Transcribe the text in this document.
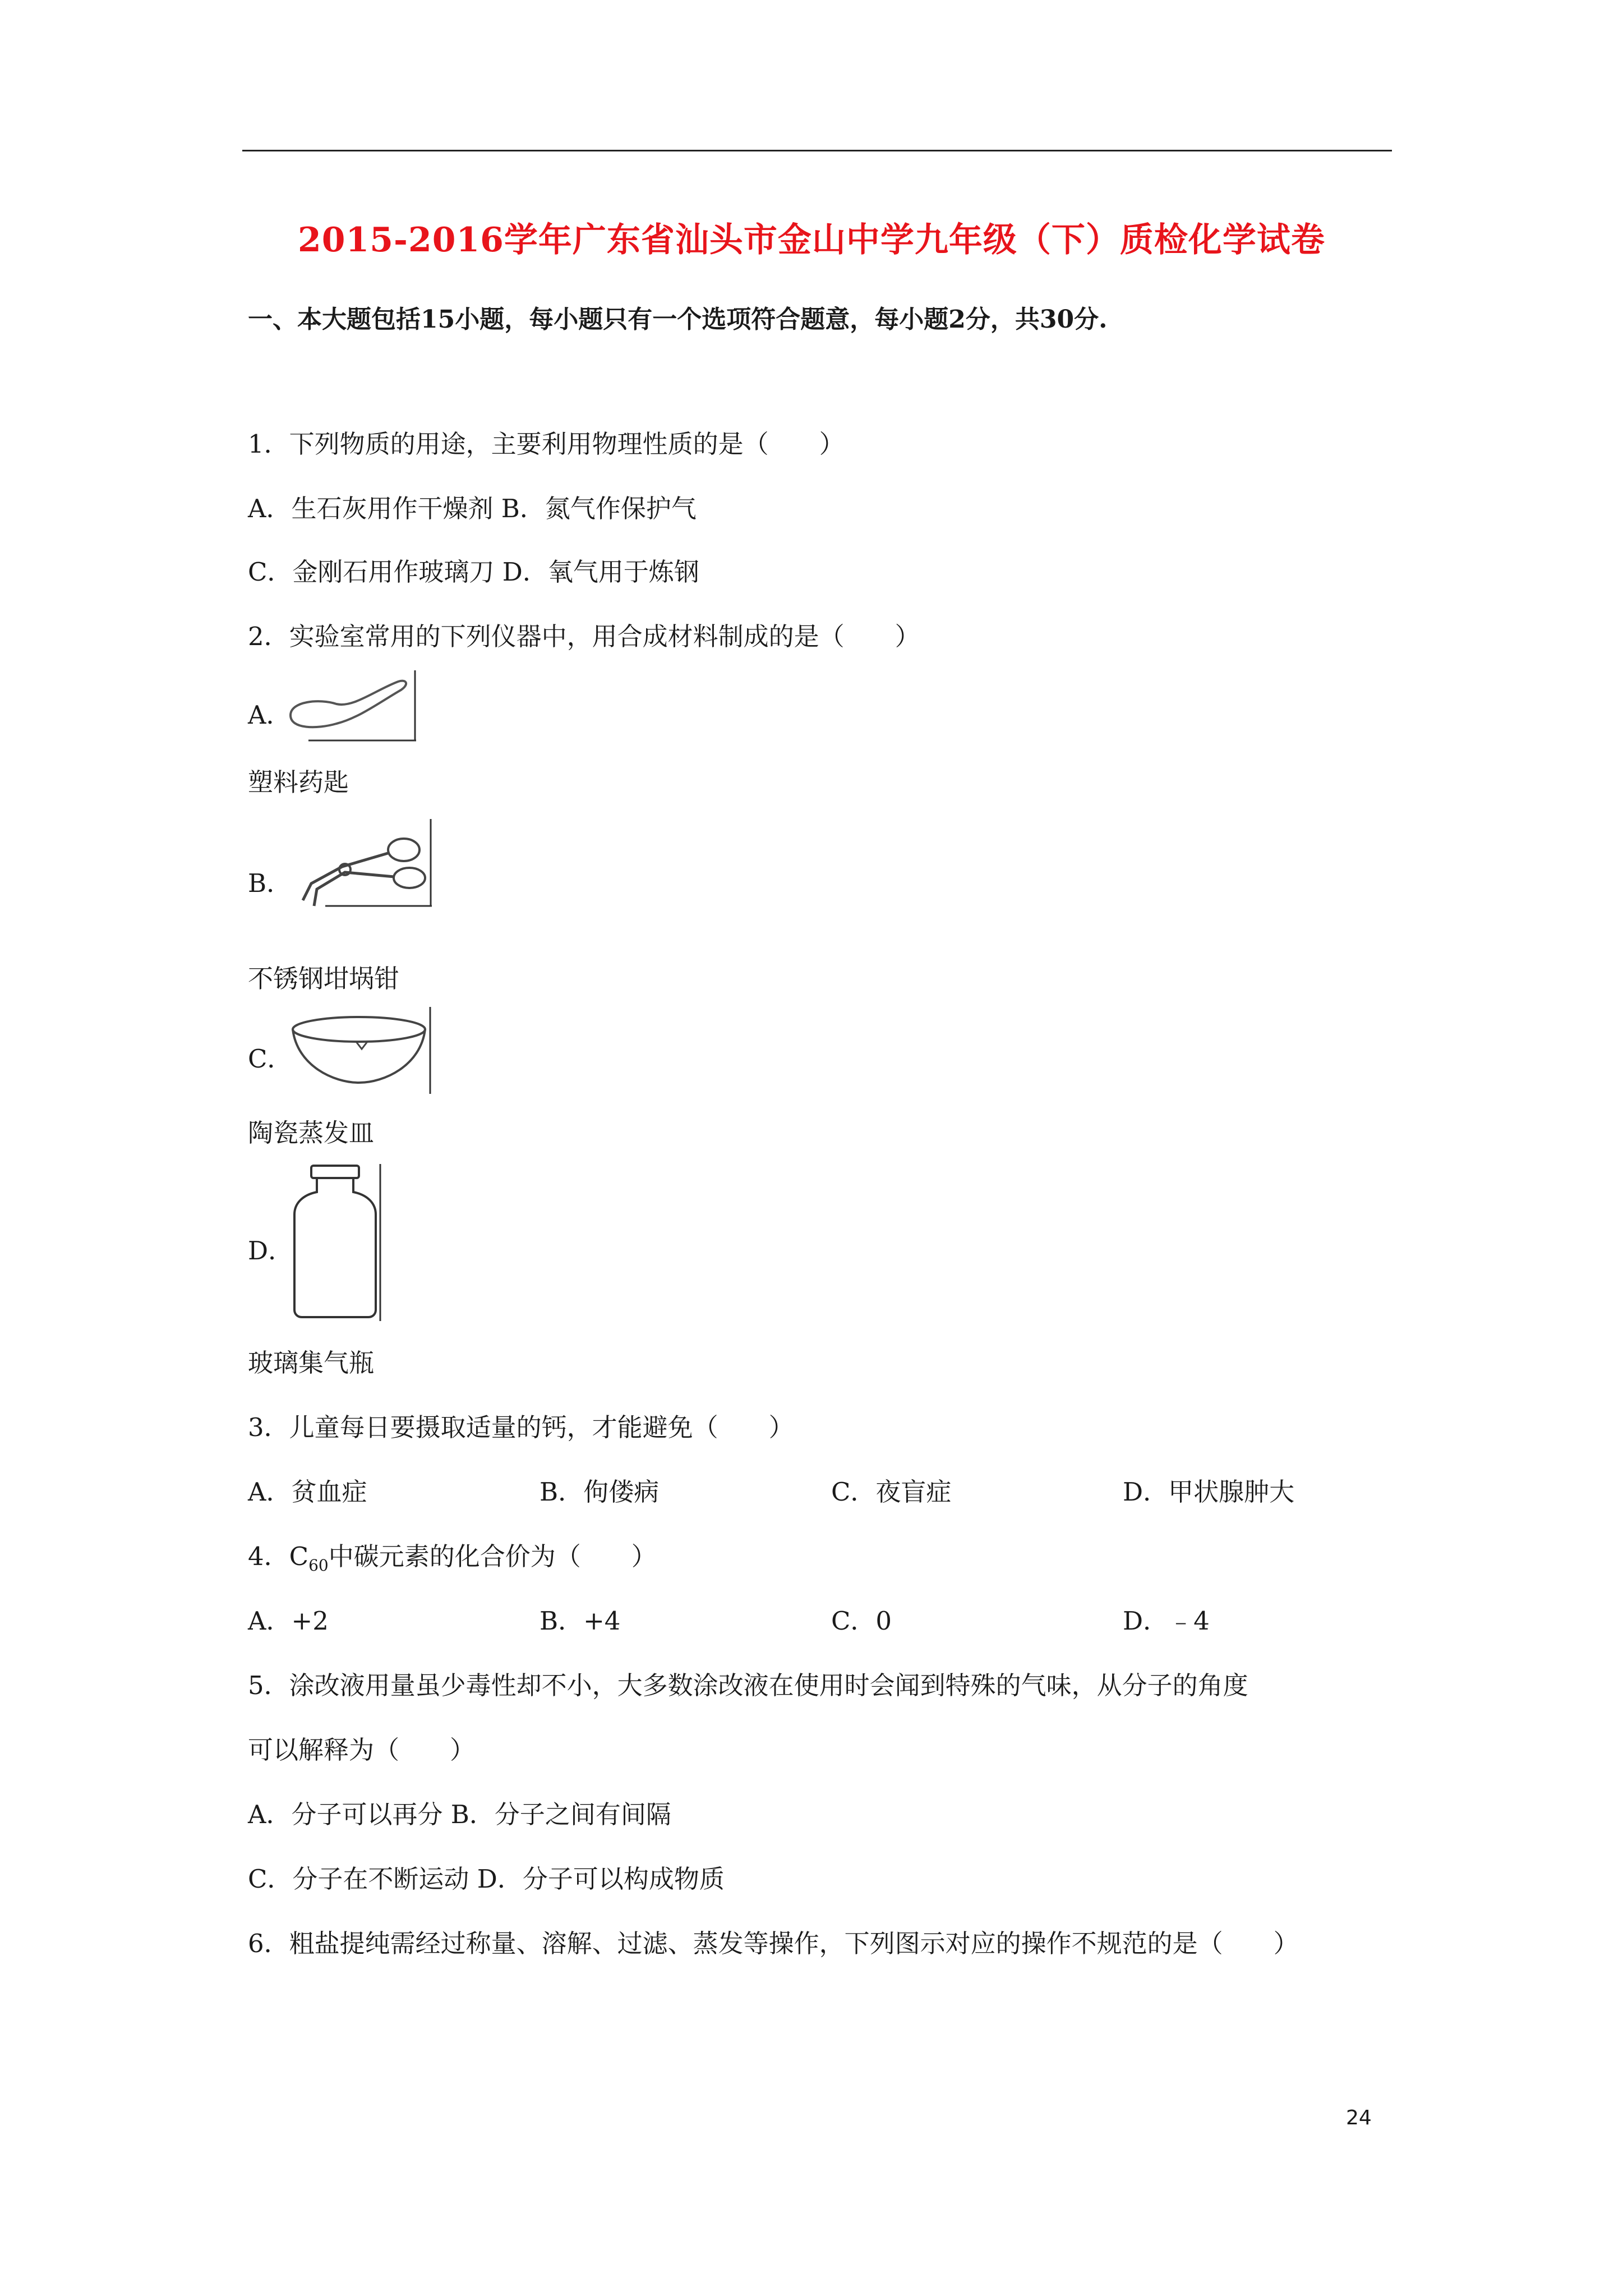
2015-2016学年广东省汕头市金山中学九年级（下）质检化学试卷
一、本大题包括15小题，每小题只有一个选项符合题意，每小题2分，共30分.
1．下列物质的用途，主要利用物理性质的是（　　）
A．生石灰用作干燥剂 B．氮气作保护气
C．金刚石用作玻璃刀 D．氧气用于炼钢
2．实验室常用的下列仪器中，用合成材料制成的是（　　）
A．
塑料药匙
B．
不锈钢坩埚钳
C．
陶瓷蒸发皿
D．
玻璃集气瓶
3．儿童每日要摄取适量的钙，才能避免（　　）
A．贫血症	B．佝偻病	C．夜盲症	D．甲状腺肿大
4．$C_{60}$中碳元素的化合价为（　　）
A．+2	B．+4	C．0	D．﹣4
5．涂改液用量虽少毒性却不小，大多数涂改液在使用时会闻到特殊的气味，从分子的角度
可以解释为（　　）
A．分子可以再分 B．分子之间有间隔
C．分子在不断运动 D．分子可以构成物质
6．粗盐提纯需经过称量、溶解、过滤、蒸发等操作，下列图示对应的操作不规范的是（　　）
24
